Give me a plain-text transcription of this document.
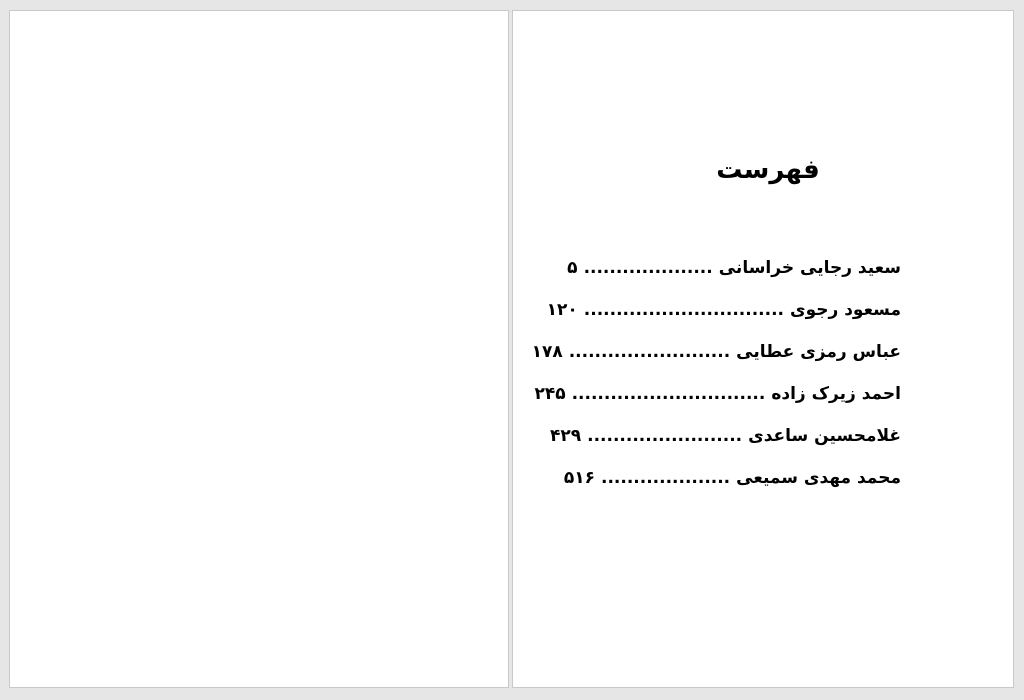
فهرست
سعید رجایی خراسانی
....................
۵
مسعود رجوی
...............................
۱۲۰
عباس رمزی عطایی
.........................
۱۷۸
احمد زیرک زاده
..............................
۲۴۵
غلامحسین ساعدی
........................
۴۲۹
محمد مهدی سمیعی
....................
۵۱۶
